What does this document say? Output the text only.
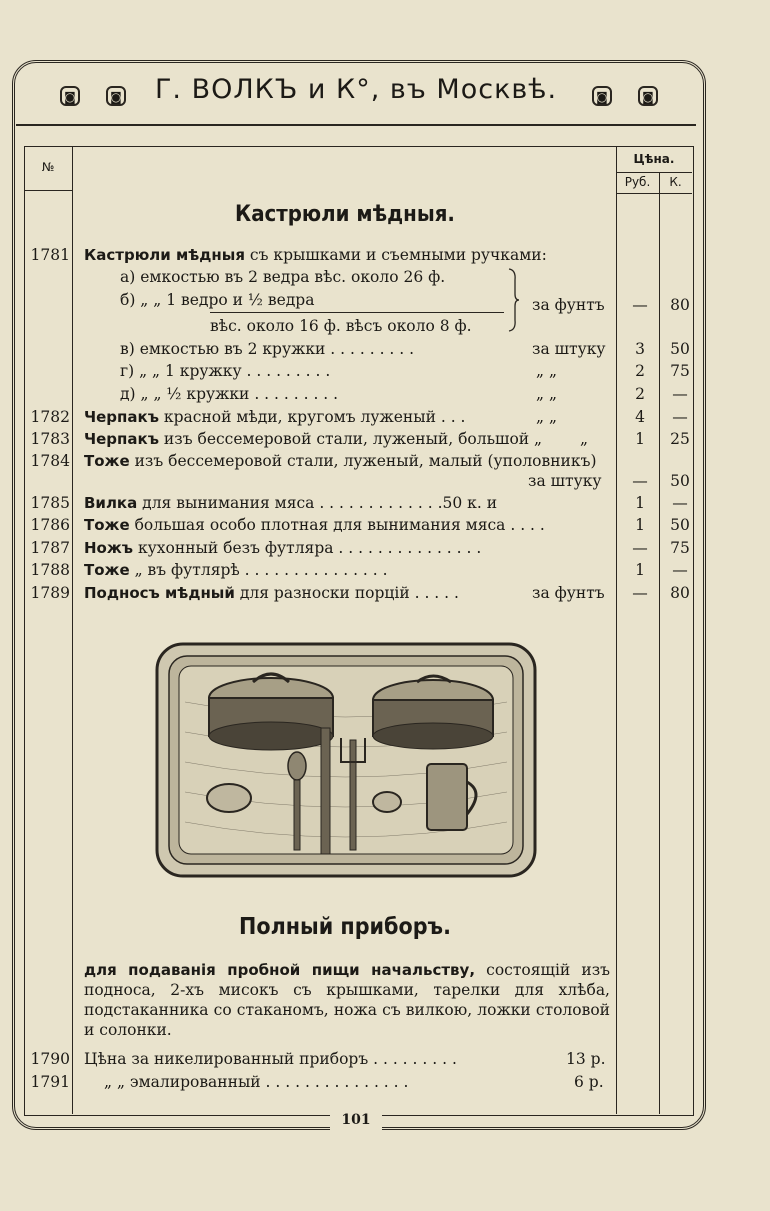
◙	◙	◙	◙
Г. ВОЛКЪ и К°, въ Москвѣ.
№
Цѣна.
Руб.	К.
Кастрюли мѣдныя.
1781 Кастрюли мѣдныя съ крышками и съемными ручками:
а) емкостью въ 2 ведра вѣс. около 26 ф.
б) „ „ 1 ведро и ½ ведра
вѣс. около 16 ф. вѣсъ около 8 ф.
за фунтъ	—	80
в) емкостью въ 2 кружки . . . . . . . . .	за штуку	3	50
г) „ „ 1 кружку . . . . . . . . .	„ „	2	75
д) „ „ ½ кружки . . . . . . . . .	„ „	2	—
1782 Черпакъ красной мѣди, кругомъ луженый . . .	„ „	4	—
1783 Черпакъ изъ бессемеровой стали, луженый, большой „ „	1	25
1784 Тоже изъ бессемеровой стали, луженый, малый (уполовникъ)
за штуку	—	50
1785 Вилка для вынимания мяса . . . . . . . . . . . . .50 к. и	1	—
1786 Тоже большая особо плотная для вынимания мяса . . . .	1	50
1787 Ножъ кухонный безъ футляра . . . . . . . . . . . . . . .	—	75
1788 Тоже „ въ футлярѣ . . . . . . . . . . . . . . .	1	—
1789 Подносъ мѣдный для разноски порцій . . . . .	за фунтъ	—	80
Полный приборъ.
для подаванія пробной пищи начальству, состоящій изъ подноса, 2-хъ мисокъ съ крышками, тарелки для хлѣба, подстаканника со стаканомъ, ножа съ вилкою, ложки столовой и солонки.
1790 Цѣна за никелированный приборъ . . . . . . . . .	13 р.
1791 „ „ эмалированный . . . . . . . . . . . . . . .	6 р.
101
